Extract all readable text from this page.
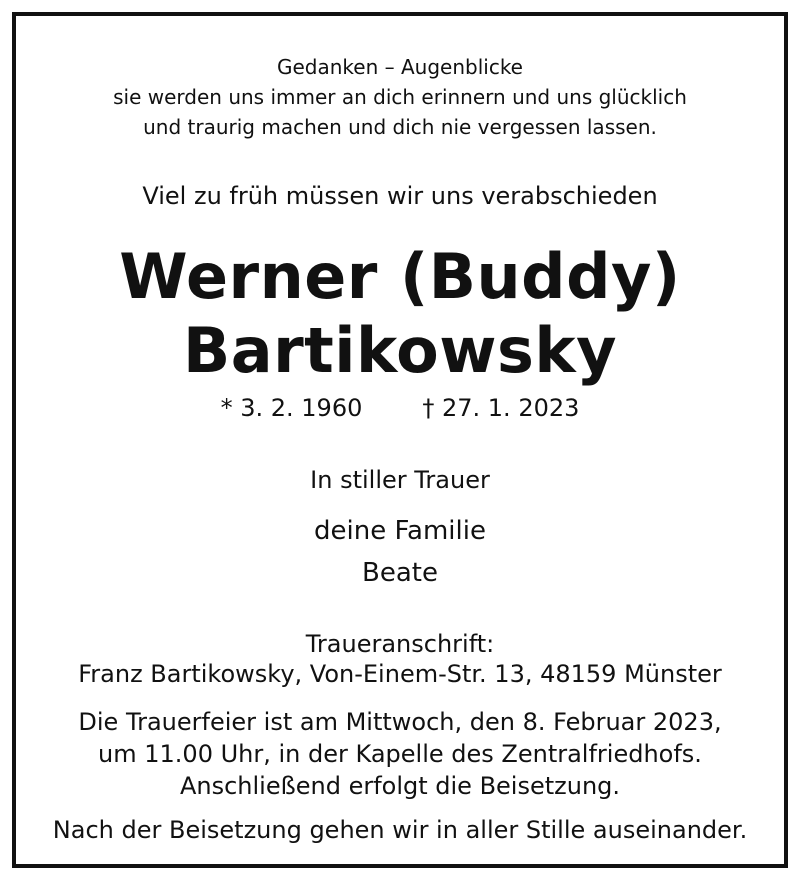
Gedanken – Augenblicke
sie werden uns immer an dich erinnern und uns glücklich
und traurig machen und dich nie vergessen lassen.
Viel zu früh müssen wir uns verabschieden
Werner (Buddy)
Bartikowsky
* 3. 2. 1960	† 27. 1. 2023
In stiller Trauer
deine Familie
Beate
Traueranschrift:
Franz Bartikowsky, Von-Einem-Str. 13, 48159 Münster
Die Trauerfeier ist am Mittwoch, den 8. Februar 2023,
um 11.00 Uhr, in der Kapelle des Zentralfriedhofs.
Anschließend erfolgt die Beisetzung.
Nach der Beisetzung gehen wir in aller Stille auseinander.
